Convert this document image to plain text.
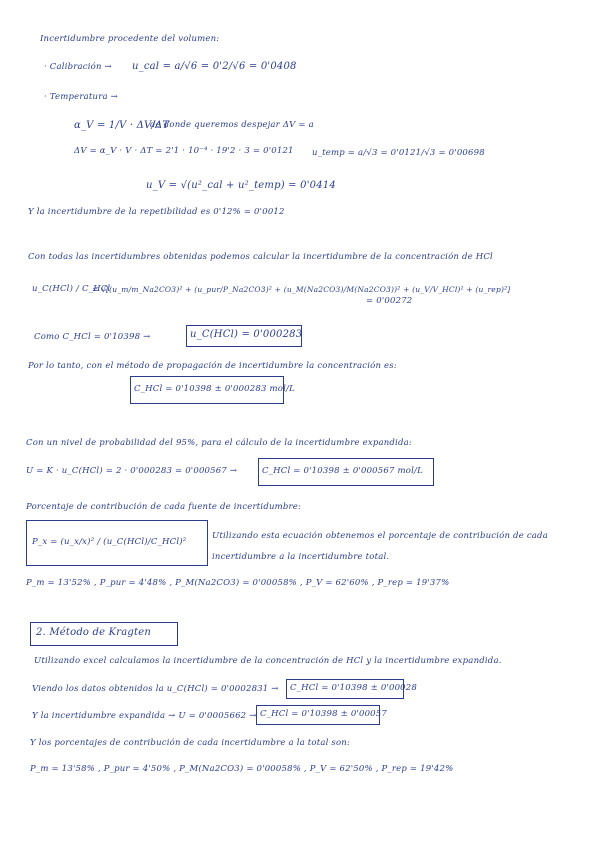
Incertidumbre procedente del volumen:
· Calibración → u_cal = a/√6 = 0'2/√6 = 0'0408
· Temperatura →
α_V = 1/V · ΔV/ΔT
de donde queremos despejar ΔV = a
ΔV = α_V · V · ΔT = 2'1 · 10⁻⁴ · 19'2 · 3 = 0'0121 u_temp = a/√3 = 0'0121/√3 = 0'00698
u_V = √(u²_cal + u²_temp) = 0'0414
Y la incertidumbre de la repetibilidad es 0'12% = 0'0012
Con todas las incertidumbres obtenidas podemos calcular la incertidumbre de la concentración de HCl
u_C(HCl) / C_HCl
= √[(u_m/m_Na2CO3)² + (u_pur/P_Na2CO3)² + (u_M(Na2CO3)/M(Na2CO3))² + (u_V/V_HCl)² + (u_rep)²]
= 0'00272
Como C_HCl = 0'10398 →	u_C(HCl) = 0'000283
Por lo tanto, con el método de propagación de incertidumbre la concentración es:
C_HCl = 0'10398 ± 0'000283 mol/L
Con un nivel de probabilidad del 95%, para el cálculo de la incertidumbre expandida:
U = K · u_C(HCl) = 2 · 0'000283 = 0'000567 →	C_HCl = 0'10398 ± 0'000567 mol/L
Porcentaje de contribución de cada fuente de incertidumbre:
P_x = (u_x/x)² / (u_C(HCl)/C_HCl)²
Utilizando esta ecuación obtenemos el porcentaje de contribución de cada
incertidumbre a la incertidumbre total.
P_m = 13'52% , P_pur = 4'48% , P_M(Na2CO3) = 0'00058% , P_V = 62'60% , P_rep = 19'37%
2. Método de Kragten
Utilizando excel calculamos la incertidumbre de la concentración de HCl y la incertidumbre expandida.
Viendo los datos obtenidos la u_C(HCl) = 0'0002831 → C_HCl = 0'10398 ± 0'00028
Y la incertidumbre expandida → U = 0'0005662 → C_HCl = 0'10398 ± 0'00057
Y los porcentajes de contribución de cada incertidumbre a la total son:
P_m = 13'58% , P_pur = 4'50% , P_M(Na2CO3) = 0'00058% , P_V = 62'50% , P_rep = 19'42%
